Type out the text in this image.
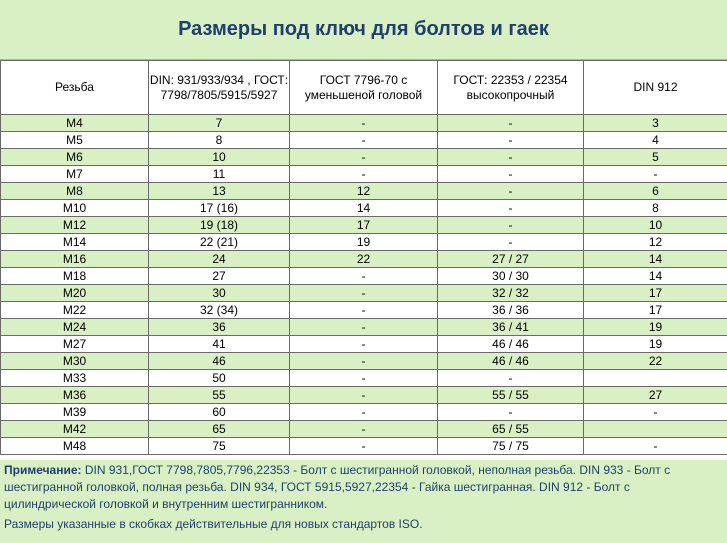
Размеры под ключ для болтов и гаек
Резьба	DIN: 931/933/934 , ГОСТ: 7798/7805/5915/5927	ГОСТ 7796-70 с уменьшеной головой	ГОСТ: 22353 / 22354 высокопрочный	DIN 912
M4	7	-	-	3
M5	8	-	-	4
M6	10	-	-	5
M7	11	-	-	-
M8	13	12	-	6
M10	17 (16)	14	-	8
M12	19 (18)	17	-	10
M14	22 (21)	19	-	12
M16	24	22	27 / 27	14
M18	27	-	30 / 30	14
M20	30	-	32 / 32	17
M22	32 (34)	-	36 / 36	17
M24	36	-	36 / 41	19
M27	41	-	46 / 46	19
M30	46	-	46 / 46	22
M33	50	-	-	
M36	55	-	55 / 55	27
M39	60	-	-	-
M42	65	-	65 / 55	
M48	75	-	75 / 75	-

Примечание: DIN 931,ГОСТ 7798,7805,7796,22353 - Болт с шестигранной головкой, неполная резьба. DIN 933 - Болт с шестигранной головкой, полная резьба. DIN 934, ГОСТ 5915,5927,22354 - Гайка шестигранная. DIN 912 - Болт с цилиндрической головкой и внутренним шестигранником.

Размеры указанные в скобках действительные для новых стандартов ISO.
